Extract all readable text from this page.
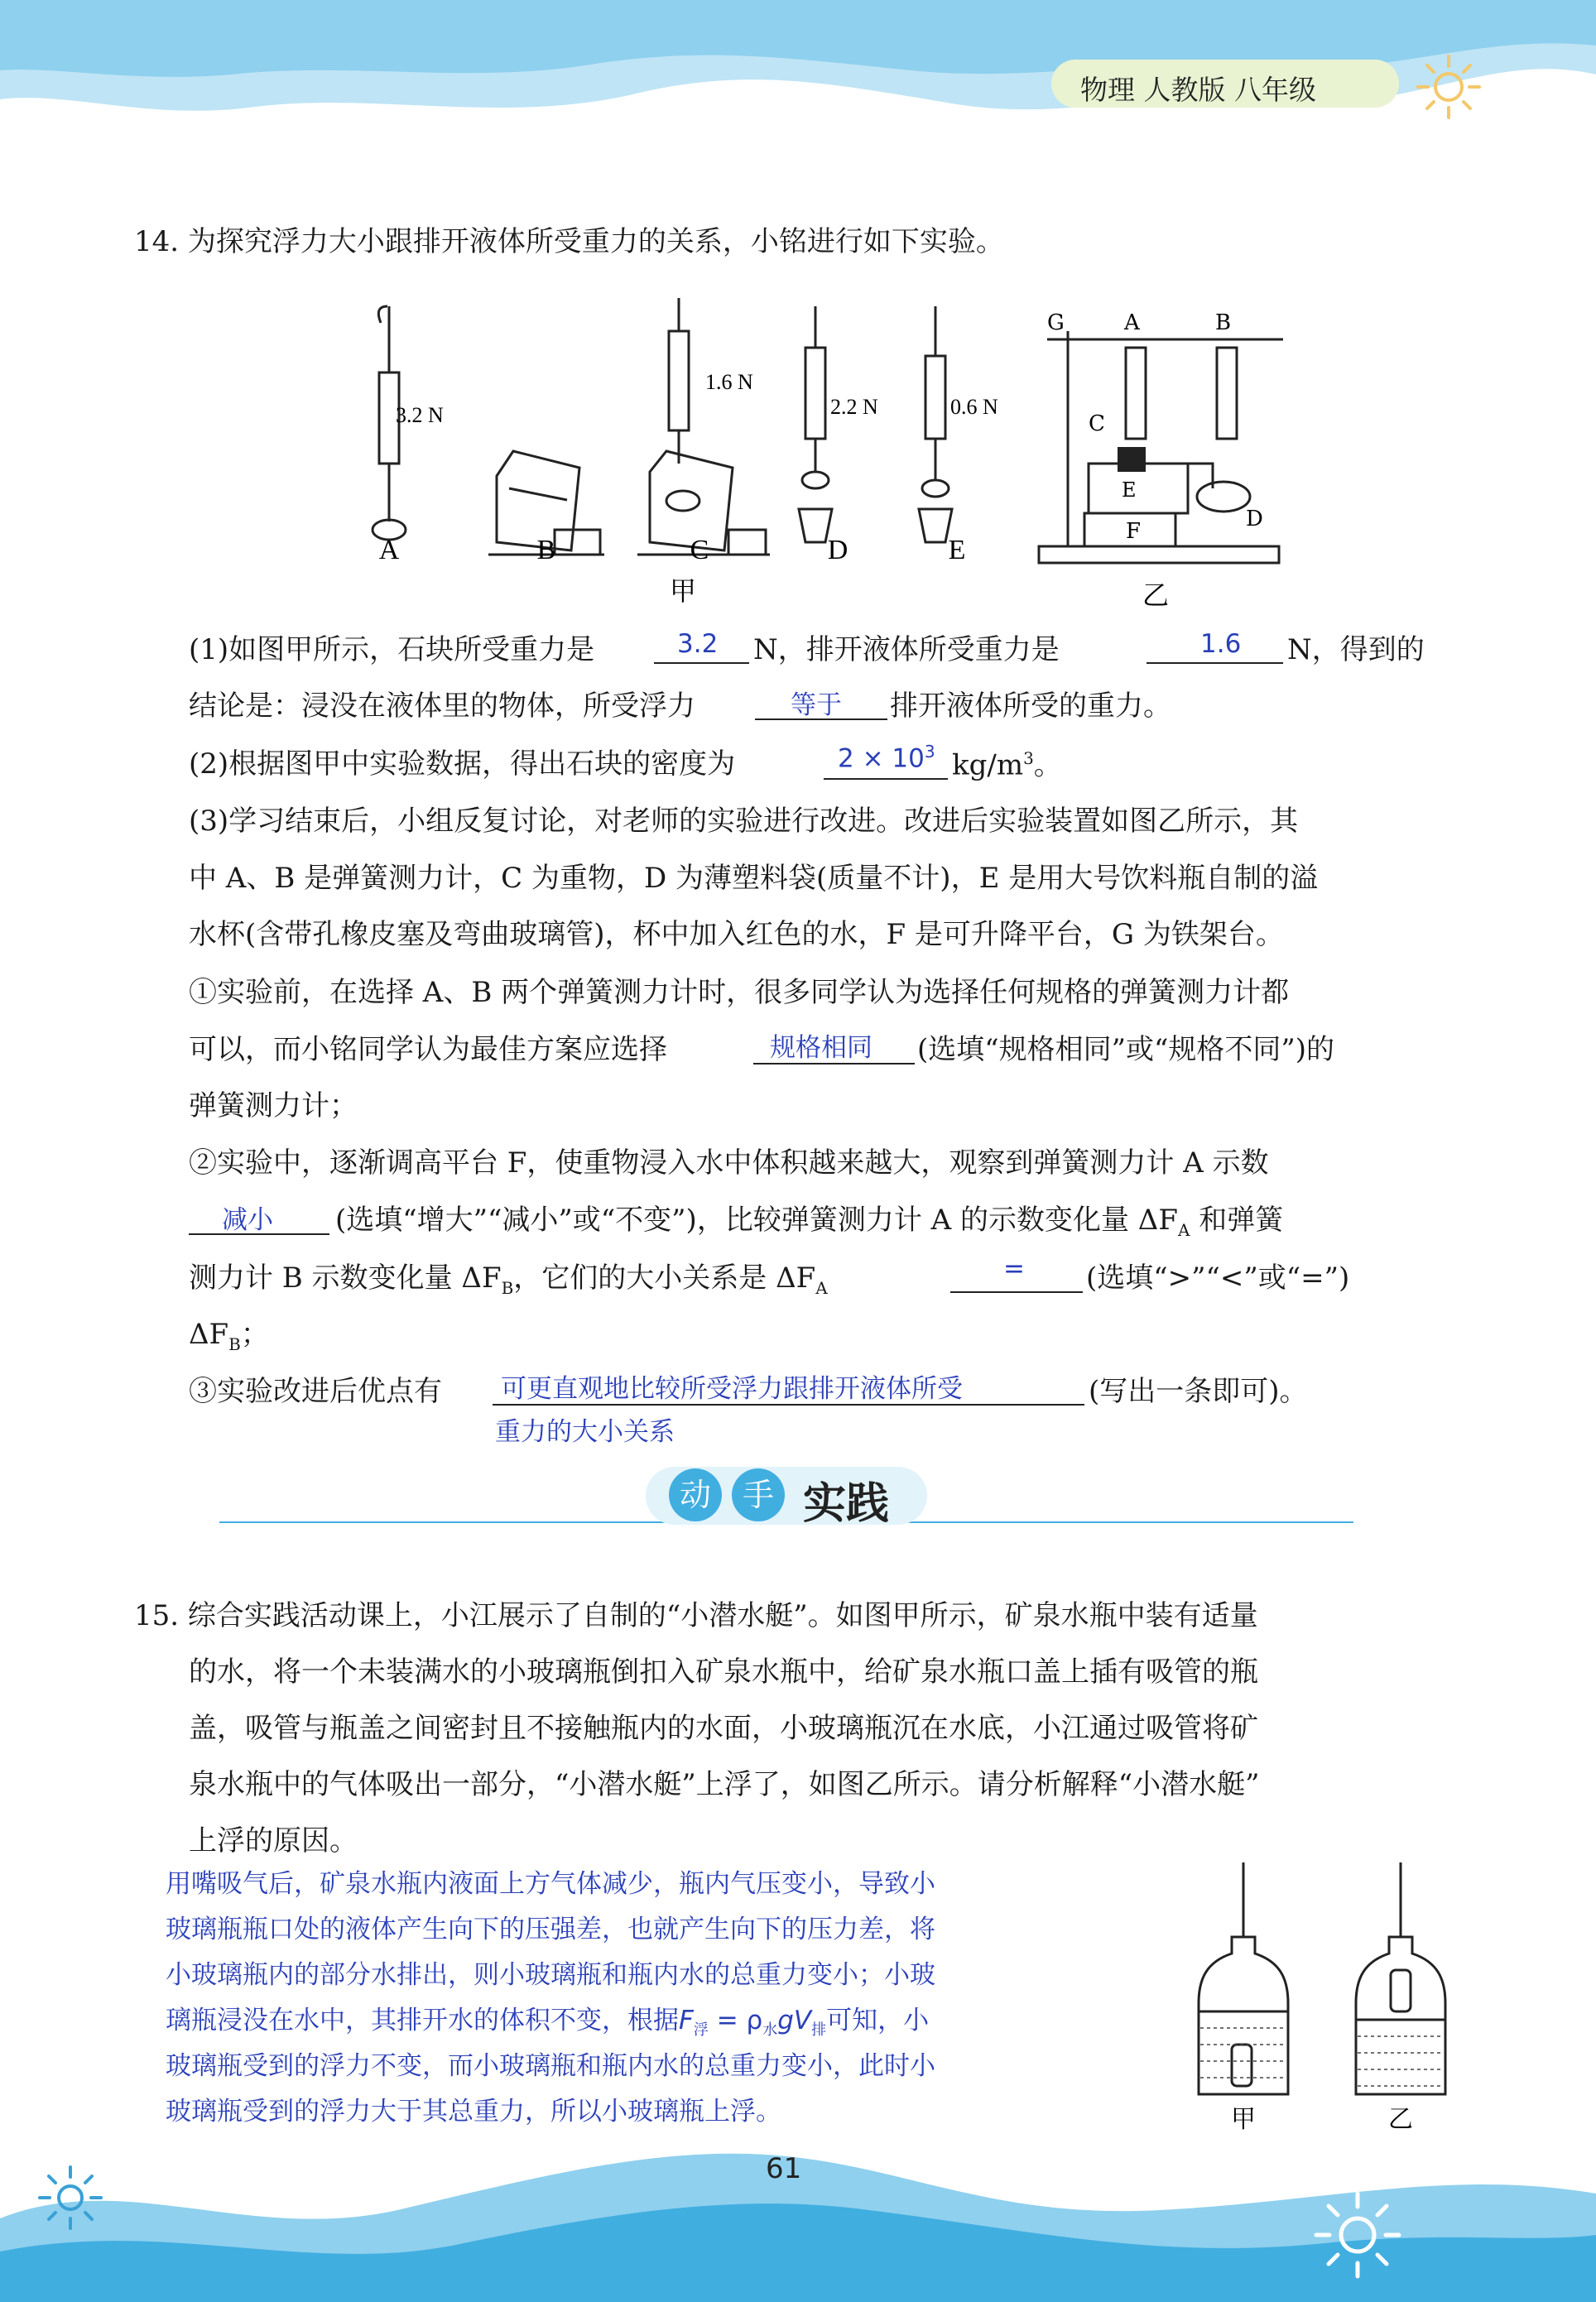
物理 人教版 八年级
14. 为探究浮力大小跟排开液体所受重力的关系，小铭进行如下实验。
3.2 N
1.6 N
2.2 N	0.6 N
A	B	C	D	E
甲
G	A	B
C
E
F	D
乙
(1)如图甲所示，石块所受重力是	3.2 N，排开液体所受重力是	1.6 N，得到的
结论是：浸没在液体里的物体，所受浮力	等于 排开液体所受的重力。
(2)根据图甲中实验数据，得出石块的密度为	$2 \times 10^3$ $kg/m^3$。
(3)学习结束后，小组反复讨论，对老师的实验进行改进。改进后实验装置如图乙所示，其
中 A、B 是弹簧测力计，C 为重物，D 为薄塑料袋(质量不计)，E 是用大号饮料瓶自制的溢
水杯(含带孔橡皮塞及弯曲玻璃管)，杯中加入红色的水，F 是可升降平台，G 为铁架台。
①实验前，在选择 A、B 两个弹簧测力计时，很多同学认为选择任何规格的弹簧测力计都
可以，而小铭同学认为最佳方案应选择	规格相同 (选填“规格相同”或“规格不同”)的
弹簧测力计；
②实验中，逐渐调高平台 F，使重物浸入水中体积越来越大，观察到弹簧测力计 A 示数
减小 (选填“增大”“减小”或“不变”)，比较弹簧测力计 A 的示数变化量 $\Delta F_A$ 和弹簧
测力计 B 示数变化量 $\Delta F_B$，它们的大小关系是 $\Delta F_A$
= (选填“>”“<”或“=”)
$\Delta F_B$；
③实验改进后优点有 可更直观地比较所受浮力跟排开液体所受	(写出一条即可)。
重力的大小关系
动 手 实践
15. 综合实践活动课上，小江展示了自制的“小潜水艇”。如图甲所示，矿泉水瓶中装有适量
的水，将一个未装满水的小玻璃瓶倒扣入矿泉水瓶中，给矿泉水瓶口盖上插有吸管的瓶
盖，吸管与瓶盖之间密封且不接触瓶内的水面，小玻璃瓶沉在水底，小江通过吸管将矿
泉水瓶中的气体吸出一部分，“小潜水艇”上浮了，如图乙所示。请分析解释“小潜水艇”
上浮的原因。
用嘴吸气后，矿泉水瓶内液面上方气体减少，瓶内气压变小，导致小
玻璃瓶瓶口处的液体产生向下的压强差，也就产生向下的压力差，将
小玻璃瓶内的部分水排出，则小玻璃瓶和瓶内水的总重力变小；小玻
璃瓶浸没在水中，其排开水的体积不变，根据$F_浮 = \rho_水gV_排$可知，小
玻璃瓶受到的浮力不变，而小玻璃瓶和瓶内水的总重力变小，此时小
玻璃瓶受到的浮力大于其总重力，所以小玻璃瓶上浮。	甲	乙
61
